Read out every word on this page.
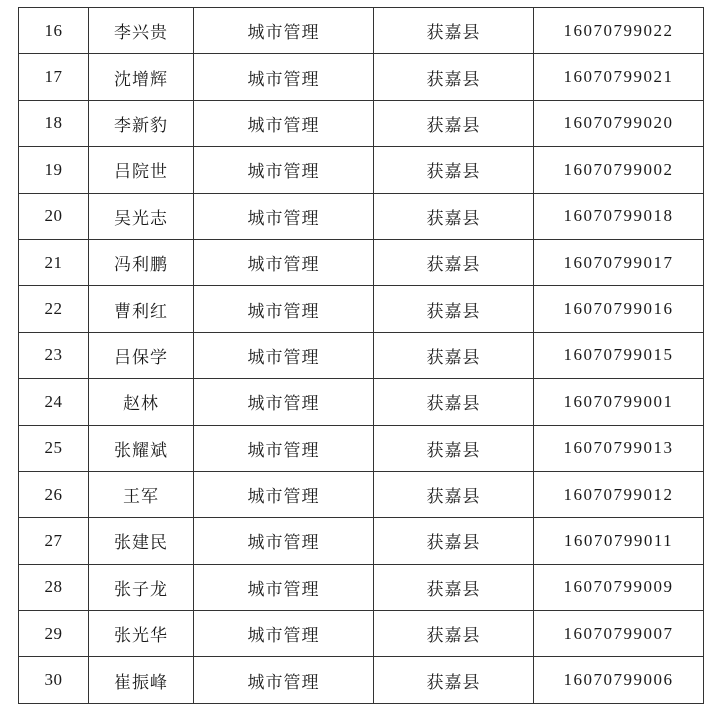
16	李兴贵	城市管理	获嘉县	16070799022
17	沈增辉	城市管理	获嘉县	16070799021
18	李新豹	城市管理	获嘉县	16070799020
19	吕院世	城市管理	获嘉县	16070799002
20	吴光志	城市管理	获嘉县	16070799018
21	冯利鹏	城市管理	获嘉县	16070799017
22	曹利红	城市管理	获嘉县	16070799016
23	吕保学	城市管理	获嘉县	16070799015
24	赵林	城市管理	获嘉县	16070799001
25	张耀斌	城市管理	获嘉县	16070799013
26	王军	城市管理	获嘉县	16070799012
27	张建民	城市管理	获嘉县	16070799011
28	张子龙	城市管理	获嘉县	16070799009
29	张光华	城市管理	获嘉县	16070799007
30	崔振峰	城市管理	获嘉县	16070799006
